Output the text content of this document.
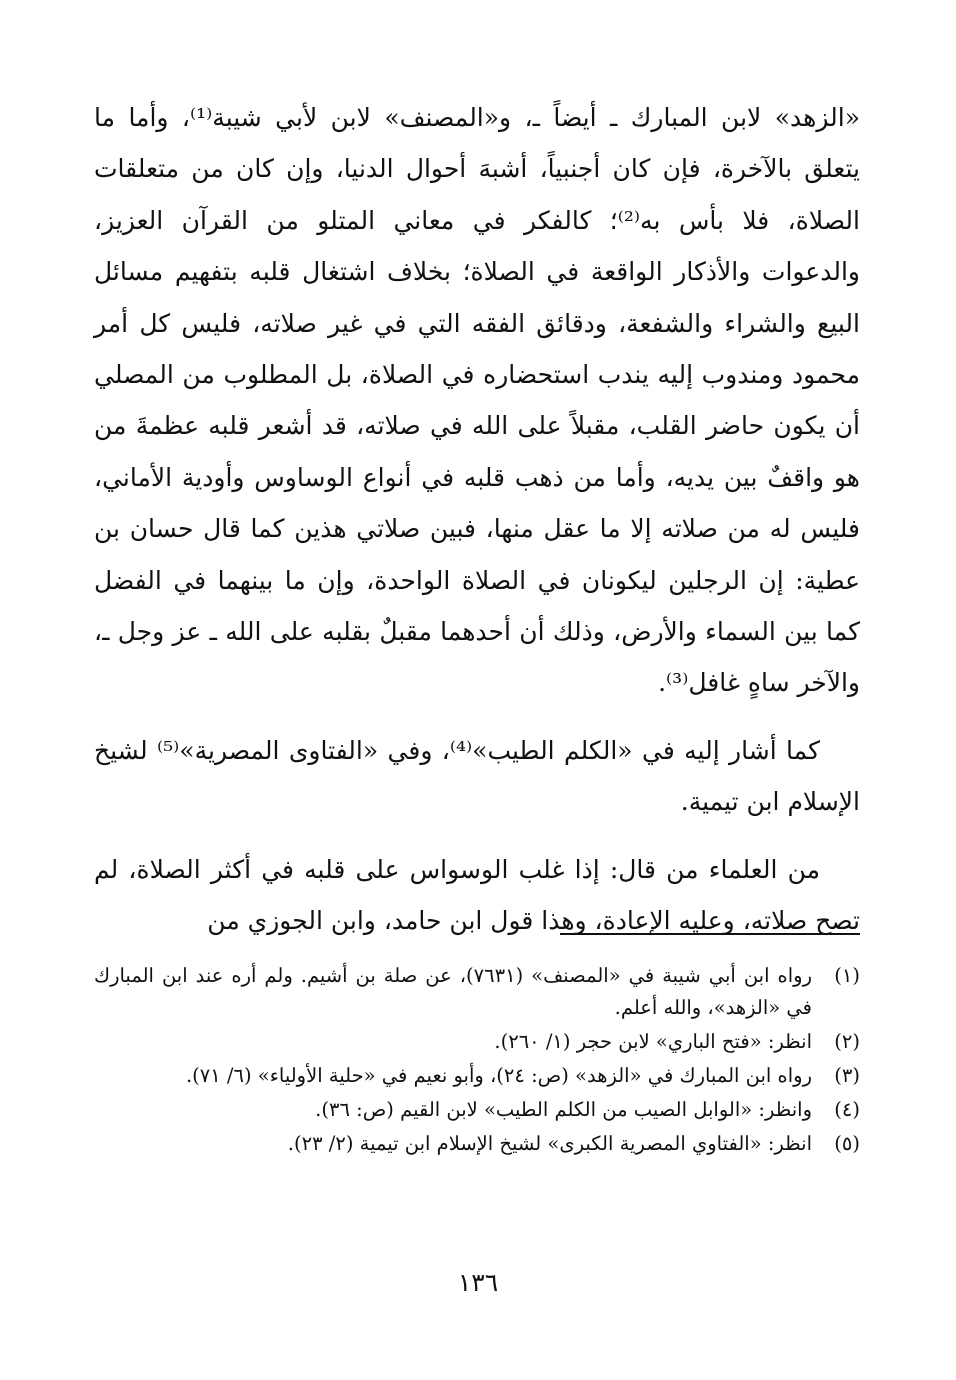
«الزهد» لابن المبارك ـ أيضاً ـ، و«المصنف» لابن لأبي شيبة⁽¹⁾، وأما ما يتعلق بالآخرة، فإن كان أجنبياً، أشبهَ أحوال الدنيا، وإن كان من متعلقات الصلاة، فلا بأس به⁽²⁾؛ كالفكر في معاني المتلو من القرآن العزيز، والدعوات والأذكار الواقعة في الصلاة؛ بخلاف اشتغال قلبه بتفهيم مسائل البيع والشراء والشفعة، ودقائق الفقه التي في غير صلاته، فليس كل أمر محمود ومندوب إليه يندب استحضاره في الصلاة، بل المطلوب من المصلي أن يكون حاضر القلب، مقبلاً على الله في صلاته، قد أشعر قلبه عظمةَ من هو واقفٌ بين يديه، وأما من ذهب قلبه في أنواع الوساوس وأودية الأماني، فليس له من صلاته إلا ما عقل منها، فبين صلاتي هذين كما قال حسان بن عطية: إن الرجلين ليكونان في الصلاة الواحدة، وإن ما بينهما في الفضل كما بين السماء والأرض، وذلك أن أحدهما مقبلٌ بقلبه على الله ـ عز وجل ـ، والآخر ساهٍ غافل⁽³⁾.

كما أشار إليه في «الكلم الطيب»⁽⁴⁾، وفي «الفتاوى المصرية»⁽⁵⁾ لشيخ الإسلام ابن تيمية.

من العلماء من قال: إذا غلب الوسواس على قلبه في أكثر الصلاة، لم تصح صلاته، وعليه الإعادة، وهذا قول ابن حامد، وابن الجوزي من

(١)
رواه ابن أبي شيبة في «المصنف» (٧٦٣١)، عن صلة بن أشيم. ولم أره عند ابن المبارك في «الزهد»، والله أعلم.
(٢)
انظر: «فتح الباري» لابن حجر (١/ ٢٦٠).
(٣)
رواه ابن المبارك في «الزهد» (ص: ٢٤)، وأبو نعيم في «حلية الأولياء» (٦/ ٧١).
(٤)
وانظر: «الوابل الصيب من الكلم الطيب» لابن القيم (ص: ٣٦).
(٥)
انظر: «الفتاوي المصرية الكبرى» لشيخ الإسلام ابن تيمية (٢/ ٢٣).
١٣٦
